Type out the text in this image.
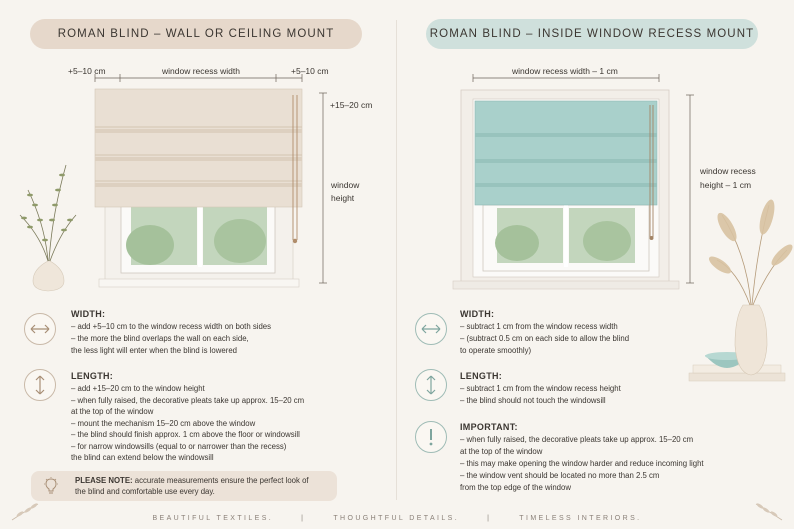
ROMAN BLIND – WALL OR CEILING MOUNT	ROMAN BLIND – INSIDE WINDOW RECESS MOUNT
+5–10 cm	window recess width	+5–10 cm
+15–20 cm
window
height
window recess width – 1 cm
window recess
height – 1 cm
WIDTH:
– add +5–10 cm to the window recess width on both sides
– the more the blind overlaps the wall on each side,
the less light will enter when the blind is lowered
LENGTH:
– add +15–20 cm to the window height
– when fully raised, the decorative pleats take up approx. 15–20 cm
at the top of the window
– mount the mechanism 15–20 cm above the window
– the blind should finish approx. 1 cm above the floor or windowsill
– for narrow windowsills (equal to or narrower than the recess)
the blind can extend below the windowsill
PLEASE NOTE: accurate measurements ensure the perfect look of
the blind and comfortable use every day.
WIDTH:
– subtract 1 cm from the window recess width
– (subtract 0.5 cm on each side to allow the blind
to operate smoothly)
LENGTH:
– subtract 1 cm from the window recess height
– the blind should not touch the windowsill
IMPORTANT:
– when fully raised, the decorative pleats take up approx. 15–20 cm
at the top of the window
– this may make opening the window harder and reduce incoming light
– the window vent should be located no more than 2.5 cm
from the top edge of the window
BEAUTIFUL TEXTILES.	|	THOUGHTFUL DETAILS.	|	TIMELESS INTERIORS.
